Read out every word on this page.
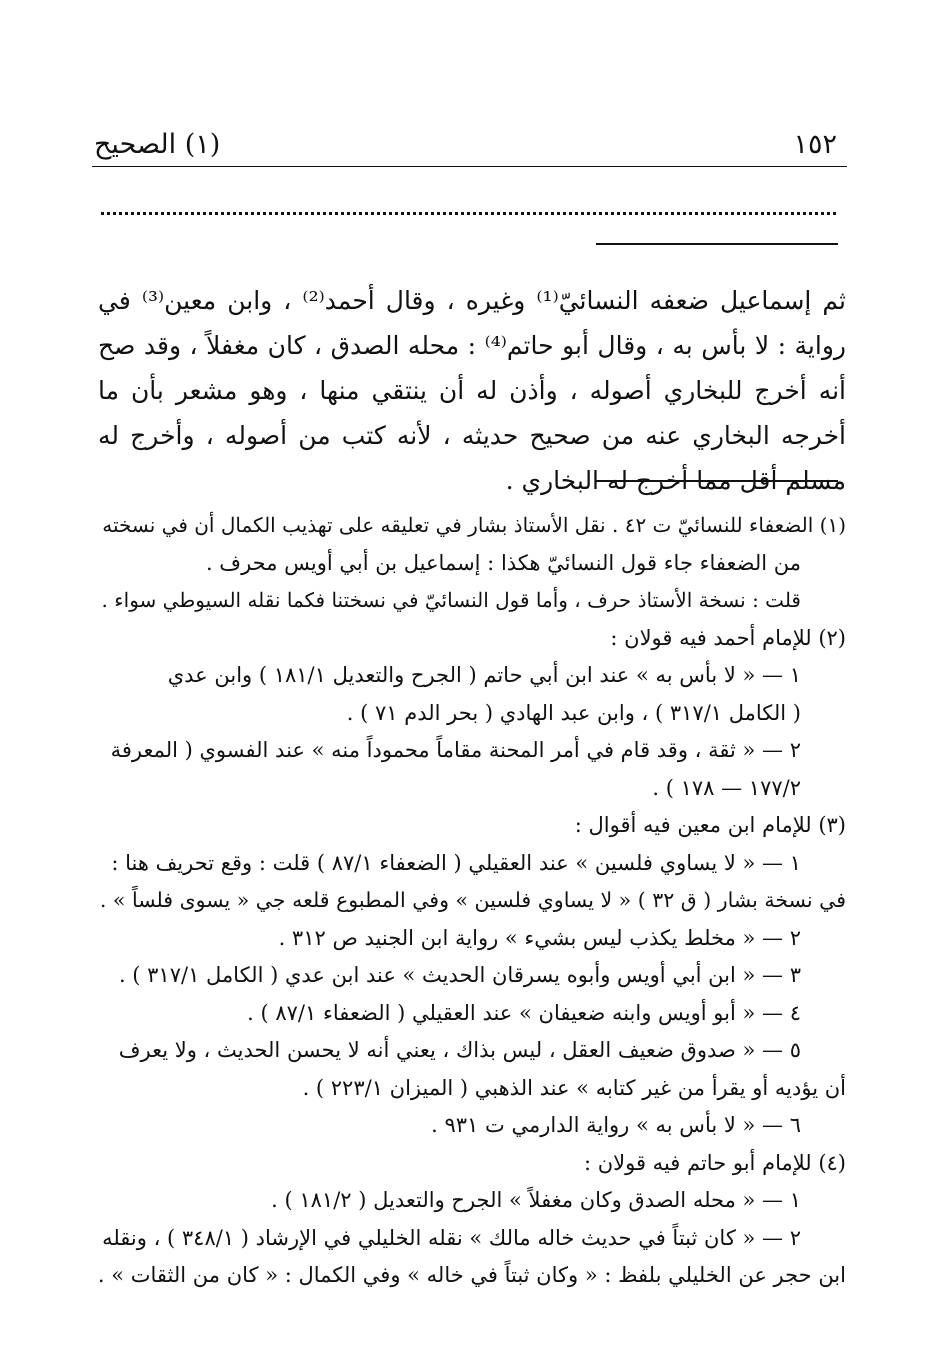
١٥٢
(١) الصحيح

ثم إسماعيل ضعفه النسائيّ⁽¹⁾ وغيره ، وقال أحمد⁽²⁾ ، وابن معين⁽³⁾ في رواية : لا بأس به ، وقال أبو حاتم⁽⁴⁾ : محله الصدق ، كان مغفلاً ، وقد صح أنه أخرج للبخاري أصوله ، وأذن له أن ينتقي منها ، وهو مشعر بأن ما أخرجه البخاري عنه من صحيح حديثه ، لأنه كتب من أصوله ، وأخرج له مسلم أقل مما أخرج له البخاري .

(١) الضعفاء للنسائيّ ت ٤٢ . نقل الأستاذ بشار في تعليقه على تهذيب الكمال أن في نسخته

من الضعفاء جاء قول النسائيّ هكذا : إسماعيل بن أبي أويس محرف .

قلت : نسخة الأستاذ حرف ، وأما قول النسائيّ في نسختنا فكما نقله السيوطي سواء .

(٢) للإمام أحمد فيه قولان :

١ — « لا بأس به » عند ابن أبي حاتم ( الجرح والتعديل ١٨١/١ ) وابن عدي

( الكامل ٣١٧/١ ) ، وابن عبد الهادي ( بحر الدم ٧١ ) .

٢ — « ثقة ، وقد قام في أمر المحنة مقاماً محموداً منه » عند الفسوي ( المعرفة

١٧٧/٢ — ١٧٨ ) .

(٣) للإمام ابن معين فيه أقوال :

١ — « لا يساوي فلسين » عند العقيلي ( الضعفاء ٨٧/١ ) قلت : وقع تحريف هنا :

في نسخة بشار ( ق ٣٢ ) « لا يساوي فلسين » وفي المطبوع قلعه جي « يسوى فلساً » .

٢ — « مخلط يكذب ليس بشيء » رواية ابن الجنيد ص ٣١٢ .

٣ — « ابن أبي أويس وأبوه يسرقان الحديث » عند ابن عدي ( الكامل ٣١٧/١ ) .

٤ — « أبو أويس وابنه ضعيفان » عند العقيلي ( الضعفاء ٨٧/١ ) .

٥ — « صدوق ضعيف العقل ، ليس بذاك ، يعني أنه لا يحسن الحديث ، ولا يعرف

أن يؤديه أو يقرأ من غير كتابه » عند الذهبي ( الميزان ٢٢٣/١ ) .

٦ — « لا بأس به » رواية الدارمي ت ٩٣١ .

(٤) للإمام أبو حاتم فيه قولان :

١ — « محله الصدق وكان مغفلاً » الجرح والتعديل ( ١٨١/٢ ) .

٢ — « كان ثبتاً في حديث خاله مالك » نقله الخليلي في الإرشاد ( ٣٤٨/١ ) ، ونقله

ابن حجر عن الخليلي بلفظ : « وكان ثبتاً في خاله » وفي الكمال : « كان من الثقات » .
